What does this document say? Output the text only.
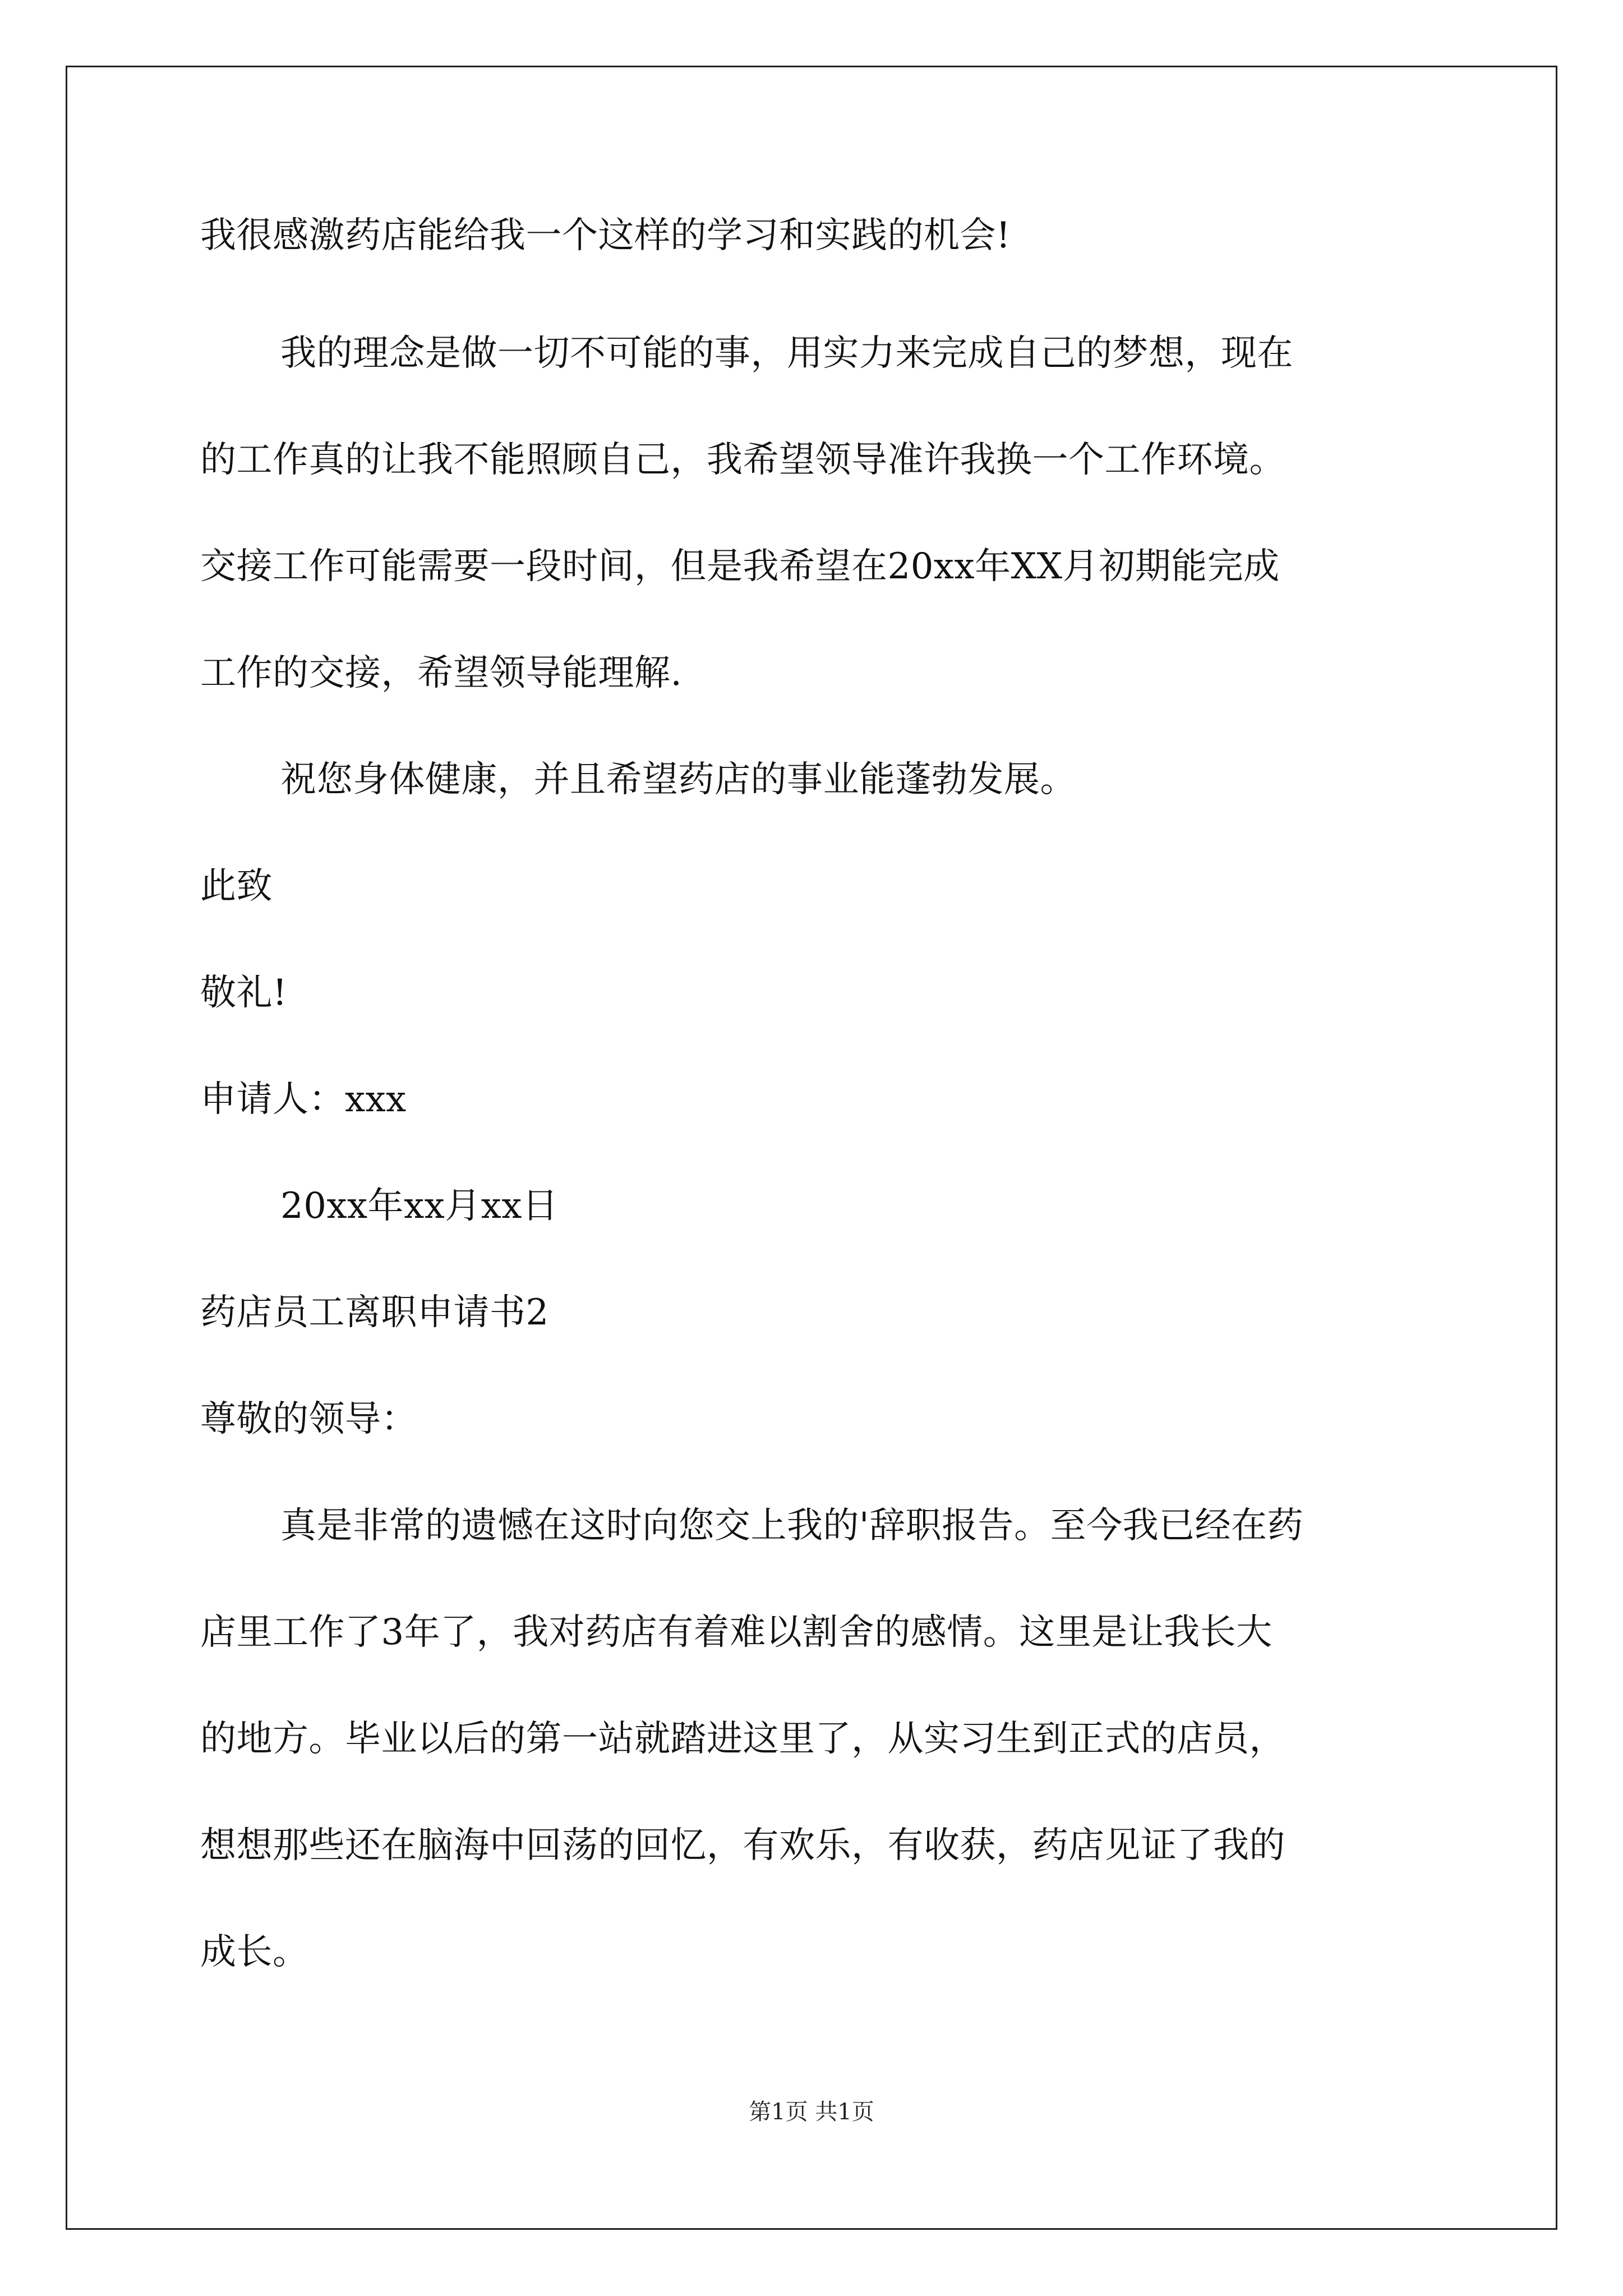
我很感激药店能给我一个这样的学习和实践的机会!
我的理念是做一切不可能的事，用实力来完成自己的梦想，现在
的工作真的让我不能照顾自己，我希望领导准许我换一个工作环境。
交接工作可能需要一段时间，但是我希望在20xx年XX月初期能完成
工作的交接，希望领导能理解.
祝您身体健康，并且希望药店的事业能蓬勃发展。
此致
敬礼!
申请人：xxx
20xx年xx月xx日
药店员工离职申请书2
尊敬的领导：
真是非常的遗憾在这时向您交上我的'辞职报告。至今我已经在药
店里工作了3年了，我对药店有着难以割舍的感情。这里是让我长大
的地方。毕业以后的第一站就踏进这里了，从实习生到正式的店员，
想想那些还在脑海中回荡的回忆，有欢乐，有收获，药店见证了我的
成长。
第1页 共1页
